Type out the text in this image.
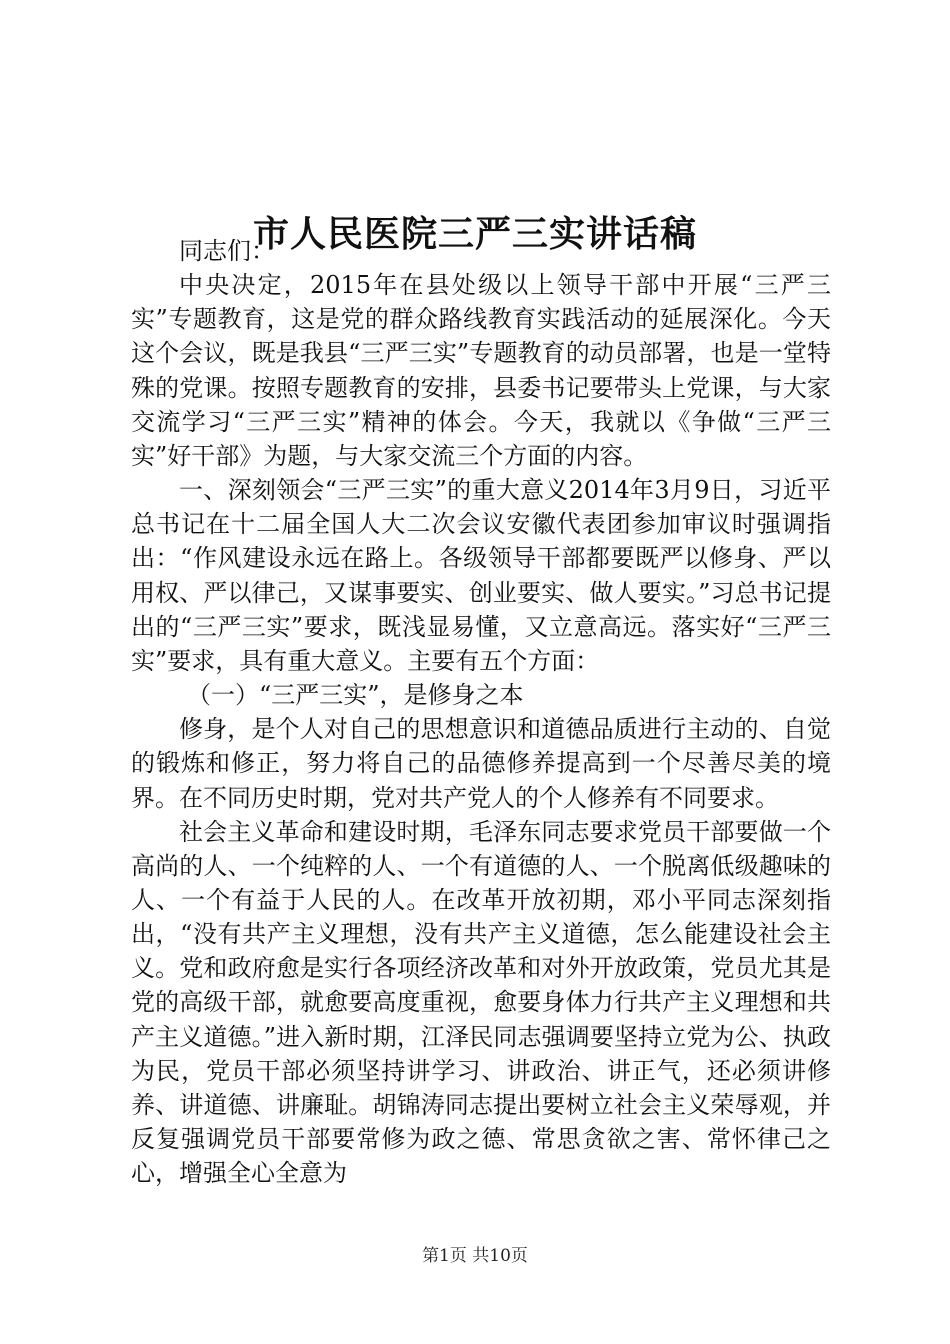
市人民医院三严三实讲话稿

同志们：

中央决定，2015年在县处级以上领导干部中开展“三严三实”专题教育，这是党的群众路线教育实践活动的延展深化。今天这个会议，既是我县“三严三实”专题教育的动员部署，也是一堂特殊的党课。按照专题教育的安排，县委书记要带头上党课，与大家交流学习“三严三实”精神的体会。今天，我就以《争做“三严三实”好干部》为题，与大家交流三个方面的内容。

一、深刻领会“三严三实”的重大意义2014年3月9日，习近平总书记在十二届全国人大二次会议安徽代表团参加审议时强调指出：“作风建设永远在路上。各级领导干部都要既严以修身、严以用权、严以律己，又谋事要实、创业要实、做人要实。”习总书记提出的“三严三实”要求，既浅显易懂，又立意高远。落实好“三严三实”要求，具有重大意义。主要有五个方面：

（一）“三严三实”，是修身之本

修身，是个人对自己的思想意识和道德品质进行主动的、自觉的锻炼和修正，努力将自己的品德修养提高到一个尽善尽美的境界。在不同历史时期，党对共产党人的个人修养有不同要求。

社会主义革命和建设时期，毛泽东同志要求党员干部要做一个高尚的人、一个纯粹的人、一个有道德的人、一个脱离低级趣味的人、一个有益于人民的人。在改革开放初期，邓小平同志深刻指出，“没有共产主义理想，没有共产主义道德，怎么能建设社会主义。党和政府愈是实行各项经济改革和对外开放政策，党员尤其是党的高级干部，就愈要高度重视，愈要身体力行共产主义理想和共产主义道德。”进入新时期，江泽民同志强调要坚持立党为公、执政为民，党员干部必须坚持讲学习、讲政治、讲正气，还必须讲修养、讲道德、讲廉耻。胡锦涛同志提出要树立社会主义荣辱观，并反复强调党员干部要常修为政之德、常思贪欲之害、常怀律己之心，增强全心全意为

第1页 共10页
